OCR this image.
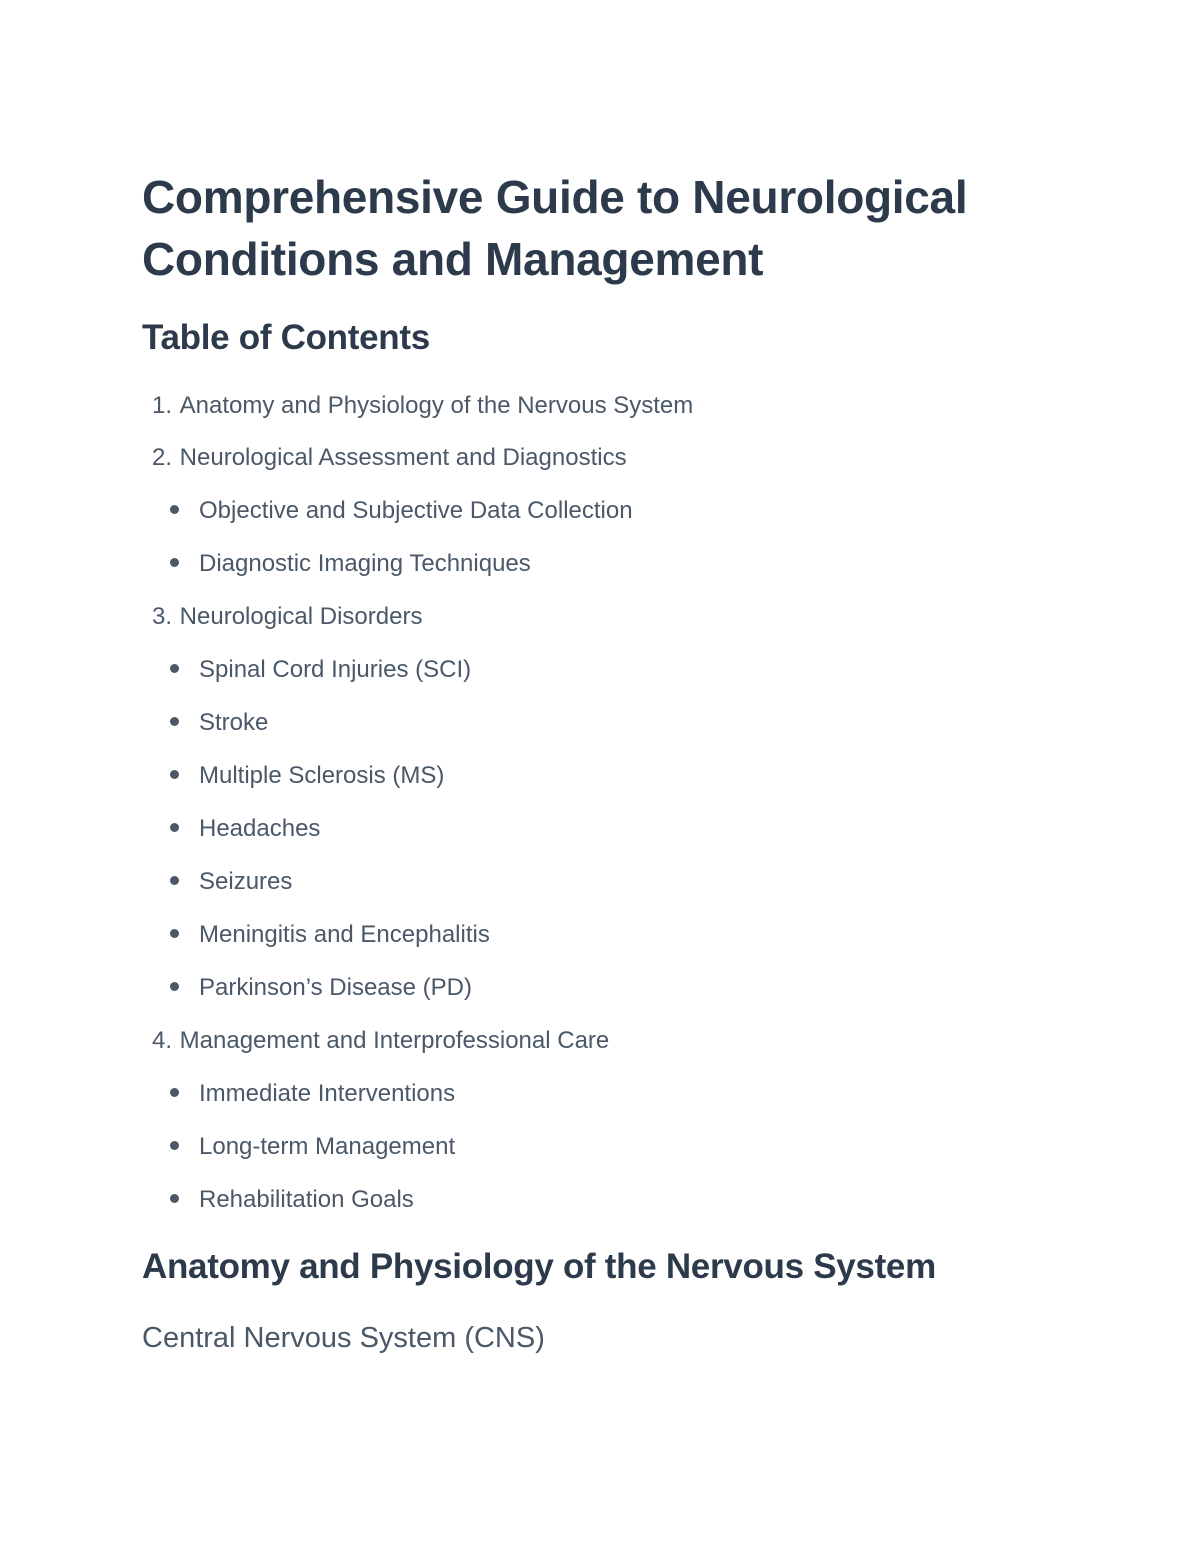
Comprehensive Guide to Neurological
Conditions and Management
Table of Contents
1. Anatomy and Physiology of the Nervous System
2. Neurological Assessment and Diagnostics
Objective and Subjective Data Collection
Diagnostic Imaging Techniques
3. Neurological Disorders
Spinal Cord Injuries (SCI)
Stroke
Multiple Sclerosis (MS)
Headaches
Seizures
Meningitis and Encephalitis
Parkinson’s Disease (PD)
4. Management and Interprofessional Care
Immediate Interventions
Long-term Management
Rehabilitation Goals
Anatomy and Physiology of the Nervous System
Central Nervous System (CNS)
